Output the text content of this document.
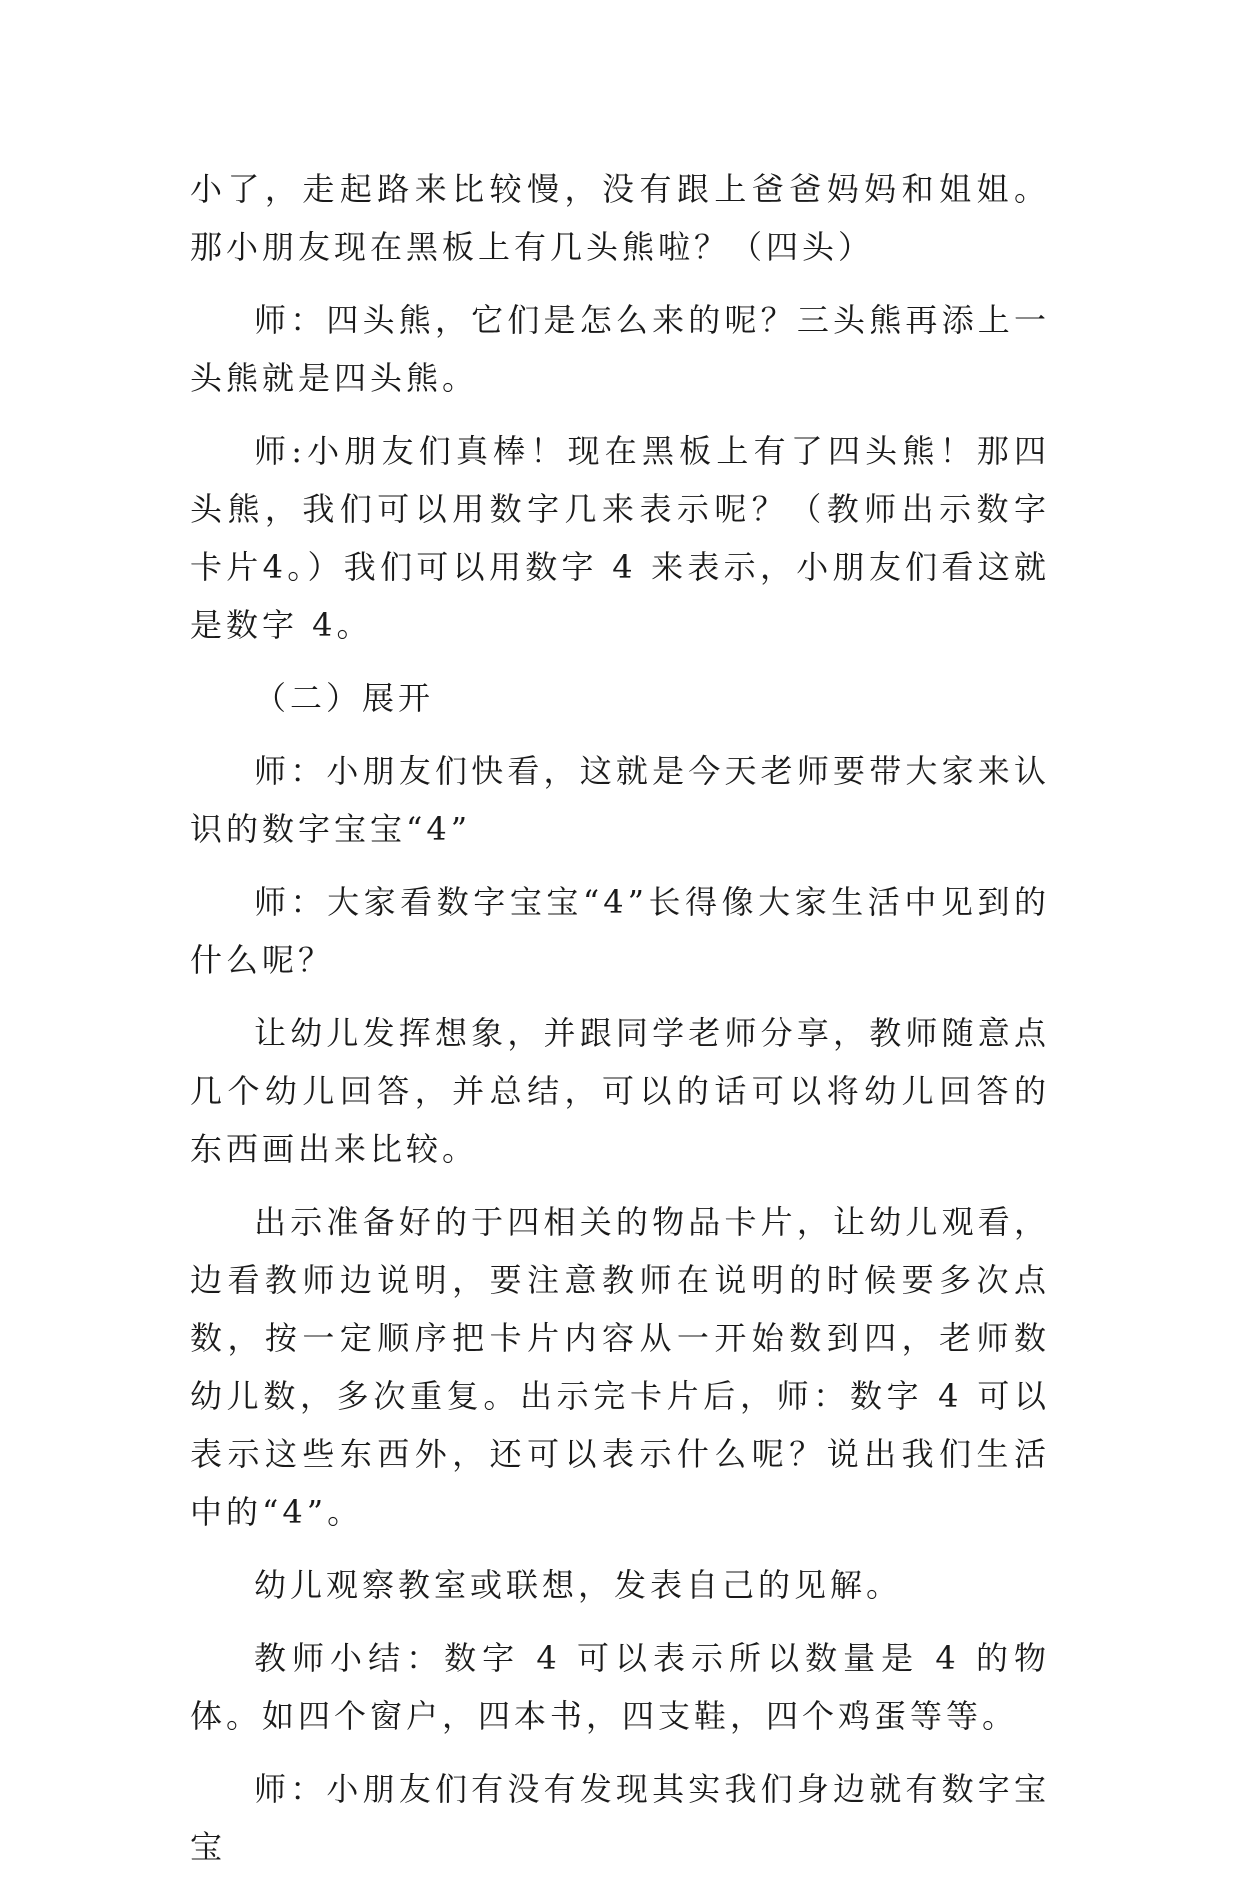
小了，走起路来比较慢，没有跟上爸爸妈妈和姐姐。那小朋友现在黑板上有几头熊啦？（四头）

师：四头熊，它们是怎么来的呢？三头熊再添上一头熊就是四头熊。

师:小朋友们真棒！现在黑板上有了四头熊！那四头熊，我们可以用数字几来表示呢？（教师出示数字卡片4。）我们可以用数字 4 来表示，小朋友们看这就是数字 4。

（二）展开

师：小朋友们快看，这就是今天老师要带大家来认识的数字宝宝“4”

师：大家看数字宝宝“4”长得像大家生活中见到的什么呢？

让幼儿发挥想象，并跟同学老师分享，教师随意点几个幼儿回答，并总结，可以的话可以将幼儿回答的东西画出来比较。

出示准备好的于四相关的物品卡片，让幼儿观看，边看教师边说明，要注意教师在说明的时候要多次点数，按一定顺序把卡片内容从一开始数到四，老师数幼儿数，多次重复。出示完卡片后，师：数字 4 可以表示这些东西外，还可以表示什么呢？说出我们生活中的“4”。

幼儿观察教室或联想，发表自己的见解。

教师小结：数字 4 可以表示所以数量是 4 的物体。如四个窗户，四本书，四支鞋，四个鸡蛋等等。

师：小朋友们有没有发现其实我们身边就有数字宝宝
